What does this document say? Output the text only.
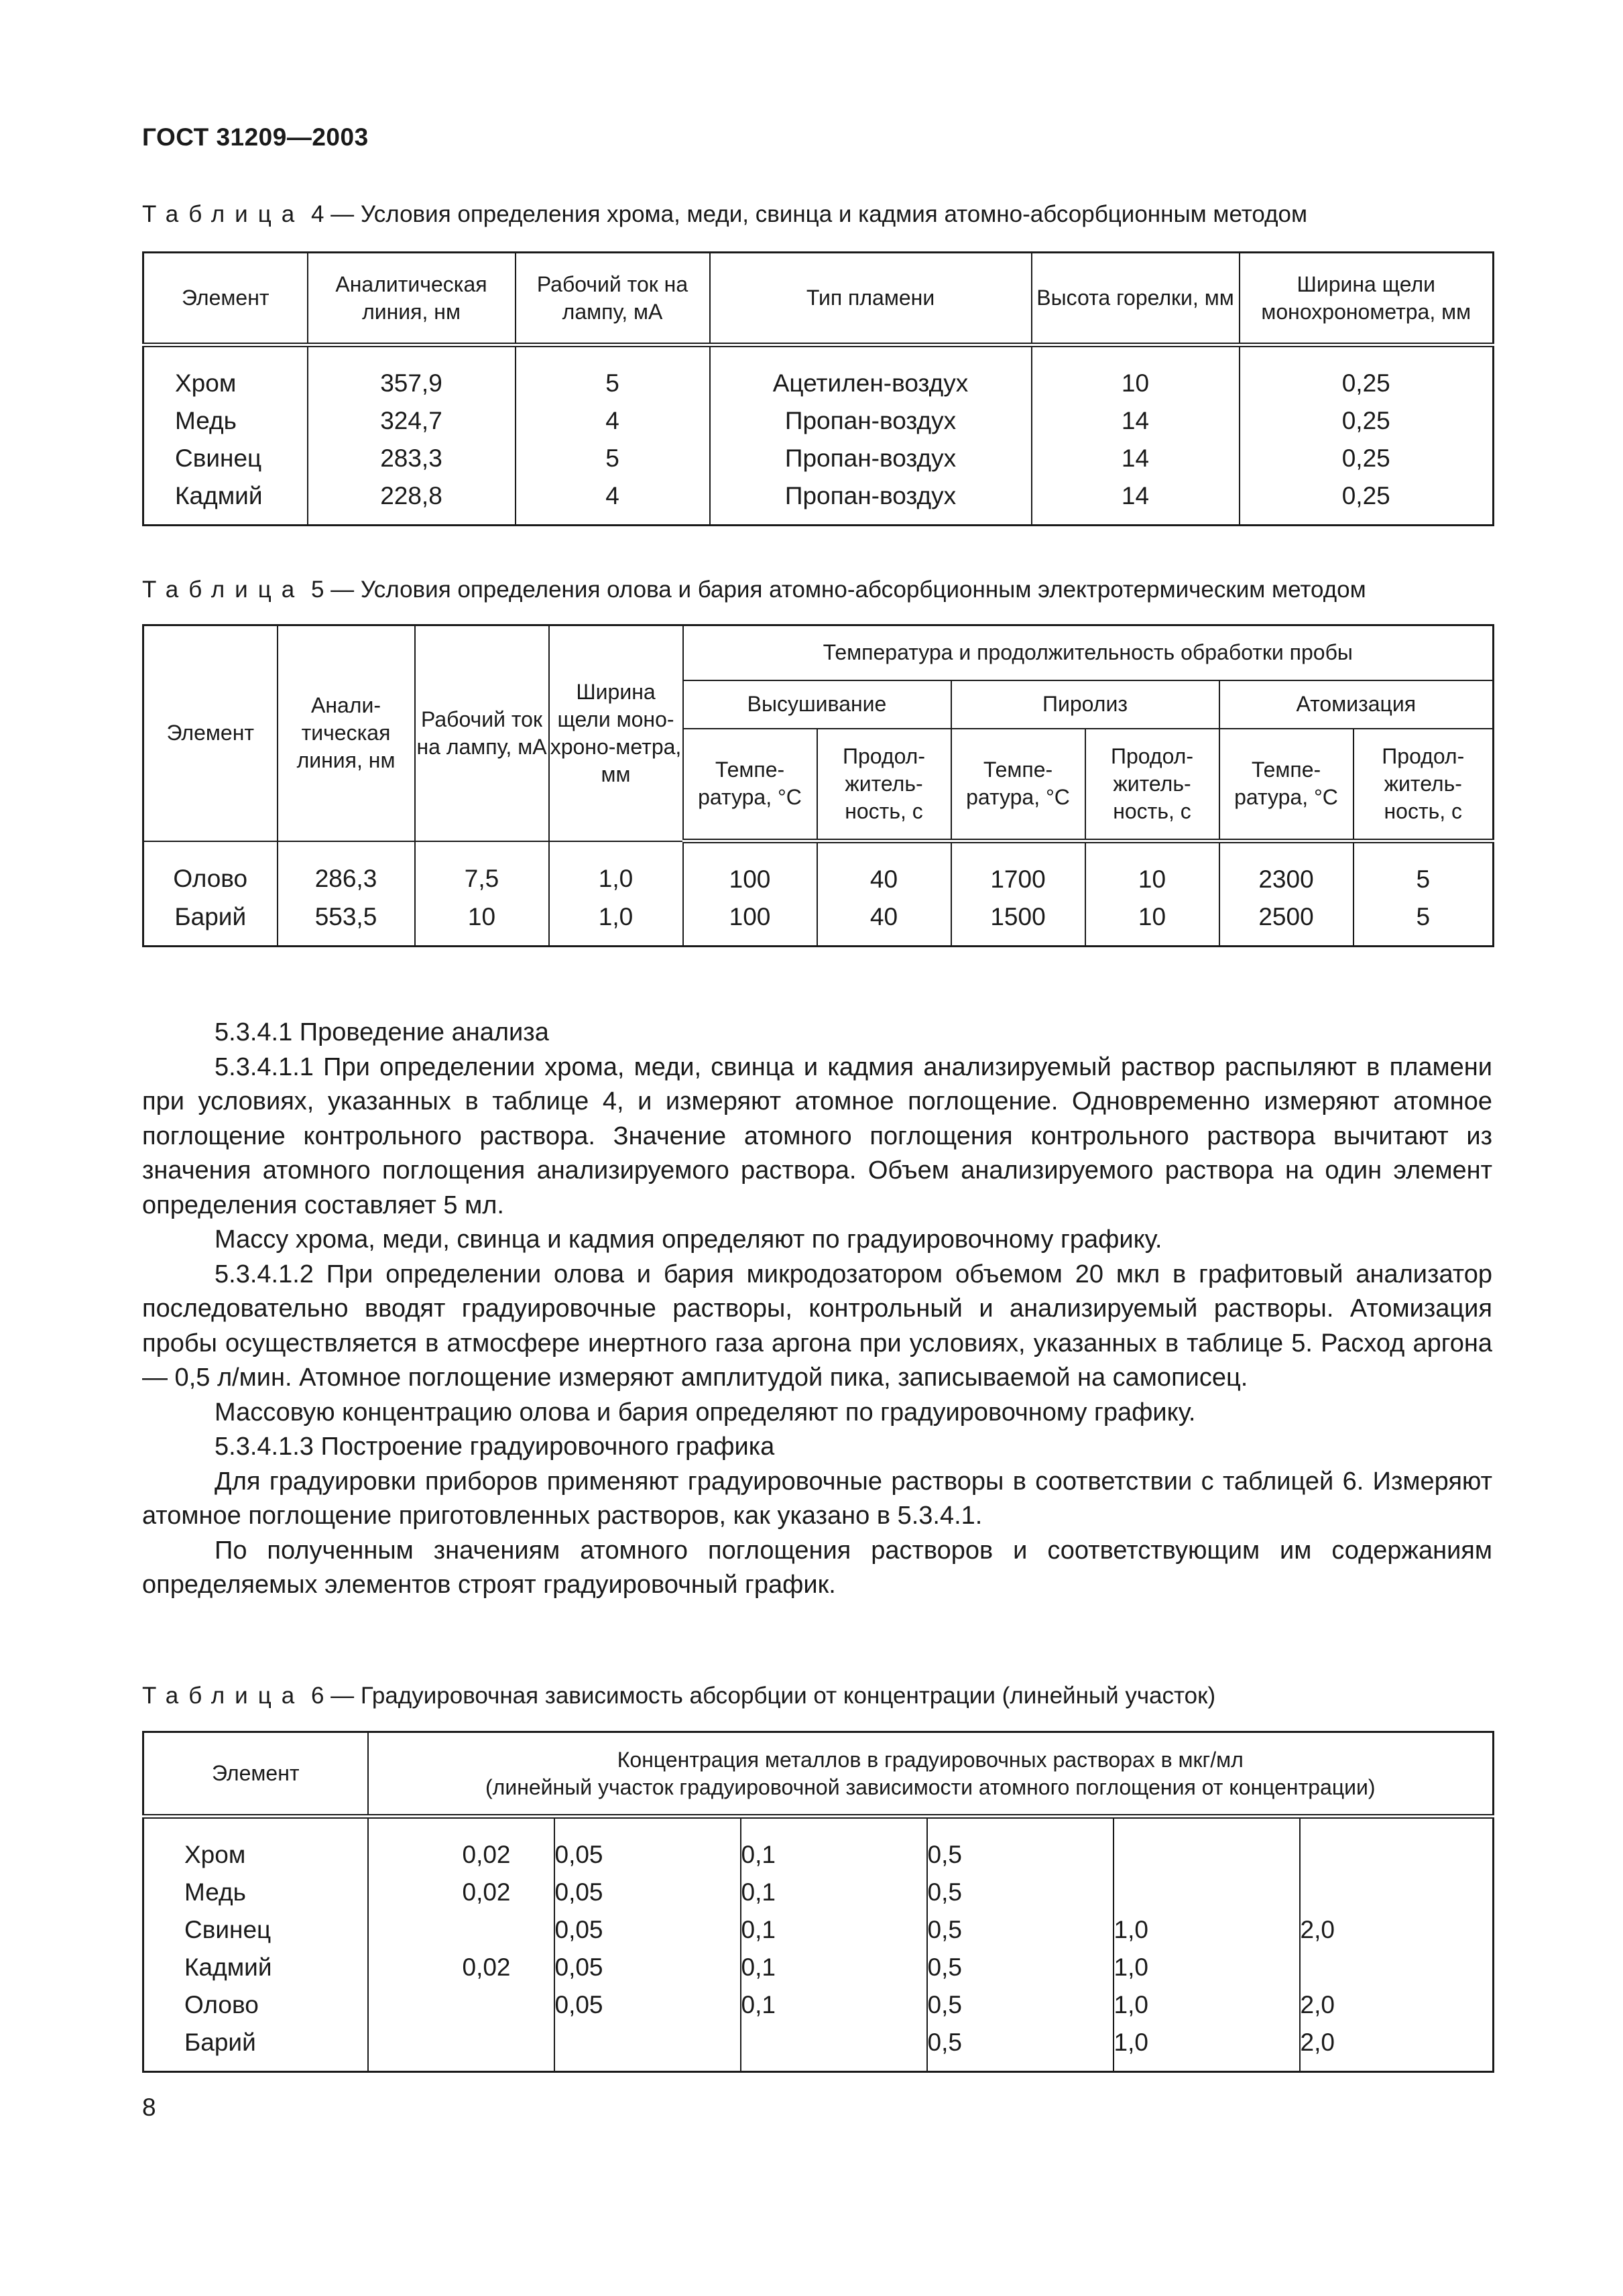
ГОСТ 31209—2003
Таблица 4 — Условия определения хрома, меди, свинца и кадмия атомно-абсорбционным методом
Элемент	Аналитическая линия, нм	Рабочий ток на лампу, мА	Тип пламени	Высота горелки, мм	Ширина щели монохронометра, мм
Хром	357,9	5	Ацетилен-воздух	10	0,25
Медь	324,7	4	Пропан-воздух	14	0,25
Свинец	283,3	5	Пропан-воздух	14	0,25
Кадмий	228,8	4	Пропан-воздух	14	0,25
Таблица 5 — Условия определения олова и бария атомно-абсорбционным электротермическим методом
Элемент	Анали-тическая линия, нм	Рабочий ток на лампу, мА	Ширина щели моно-хроно-метра, мм	Температура и продолжительность обработки пробы					
				Высушивание		Пиролиз		Атомизация	
				Темпе-ратура, °С	Продол-житель-ность, с	Темпе-ратура, °С	Продол-житель-ность, с	Темпе-ратура, °С	Продол-житель-ность, с
Олово	286,3	7,5	1,0	100	40	1700	10	2300	5
Барий	553,5	10	1,0	100	40	1500	10	2500	5

5.3.4.1 Проведение анализа

5.3.4.1.1 При определении хрома, меди, свинца и кадмия анализируемый раствор распыляют в пламени при условиях, указанных в таблице 4, и измеряют атомное поглощение. Одновременно измеряют атомное поглощение контрольного раствора. Значение атомного поглощения контрольного раствора вычитают из значения атомного поглощения анализируемого раствора. Объем анализируемого раствора на один элемент определения составляет 5 мл.

Массу хрома, меди, свинца и кадмия определяют по градуировочному графику.

5.3.4.1.2 При определении олова и бария микродозатором объемом 20 мкл в графитовый анализатор последовательно вводят градуировочные растворы, контрольный и анализируемый растворы. Атомизация пробы осуществляется в атмосфере инертного газа аргона при условиях, указанных в таблице 5. Расход аргона — 0,5 л/мин. Атомное поглощение измеряют амплитудой пика, записываемой на самописец.

Массовую концентрацию олова и бария определяют по градуировочному графику.

5.3.4.1.3 Построение градуировочного графика

Для градуировки приборов применяют градуировочные растворы в соответствии с таблицей 6. Измеряют атомное поглощение приготовленных растворов, как указано в 5.3.4.1.

По полученным значениям атомного поглощения растворов и соответствующим им содержаниям определяемых элементов строят градуировочный график.

Таблица 6 — Градуировочная зависимость абсорбции от концентрации (линейный участок)
Элемент	Концентрация металлов в градуировочных растворах в мкг/мл
(линейный участок градуировочной зависимости атомного поглощения от концентрации)					

Хром	0,02	0,05	0,1	0,5		
Медь	0,02	0,05	0,1	0,5		
Свинец		0,05	0,1	0,5	1,0	2,0
Кадмий	0,02	0,05	0,1	0,5	1,0	
Олово		0,05	0,1	0,5	1,0	2,0
Барий				0,5	1,0	2,0
8
